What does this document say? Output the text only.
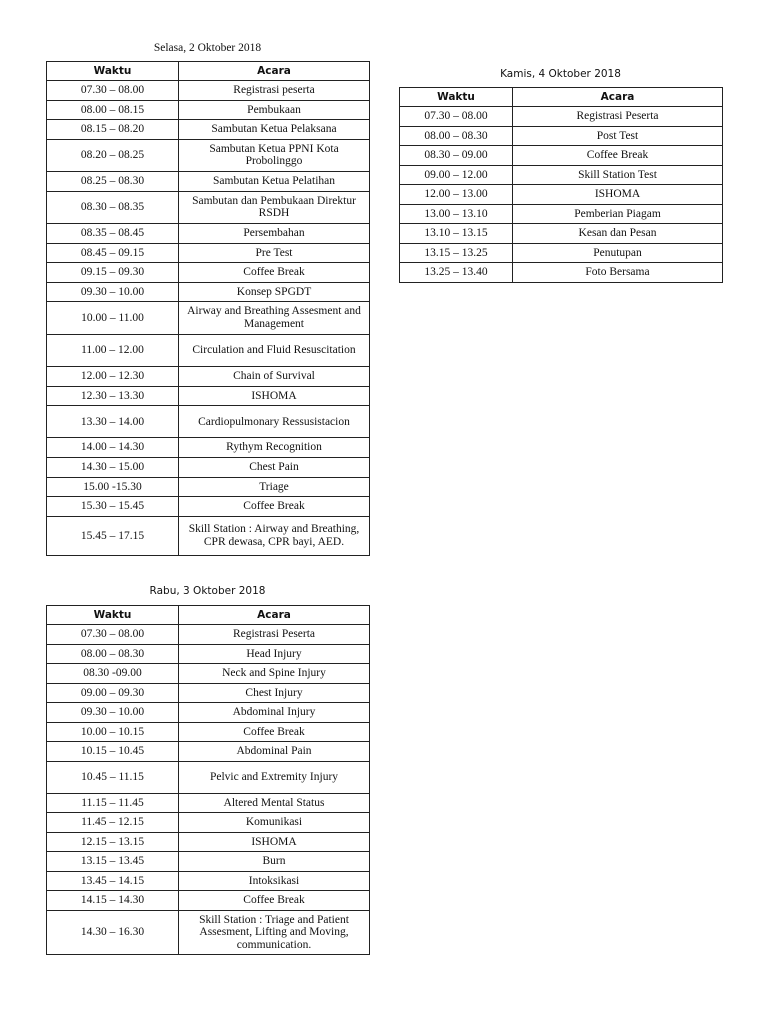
Selasa, 2 Oktober 2018
Waktu	Acara
07.30 – 08.00	Registrasi peserta
08.00 – 08.15	Pembukaan
08.15 – 08.20	Sambutan Ketua Pelaksana
08.20 – 08.25	Sambutan Ketua PPNI Kota Probolinggo
08.25 – 08.30	Sambutan Ketua Pelatihan
08.30 – 08.35	Sambutan dan Pembukaan Direktur RSDH
08.35 – 08.45	Persembahan
08.45 – 09.15	Pre Test
09.15 – 09.30	Coffee Break
09.30 – 10.00	Konsep SPGDT
10.00 – 11.00	Airway and Breathing Assesment and Management
11.00 – 12.00	Circulation and Fluid Resuscitation
12.00 – 12.30	Chain of Survival
12.30 – 13.30	ISHOMA
13.30 – 14.00	Cardiopulmonary Ressusistacion
14.00 – 14.30	Rythym Recognition
14.30 – 15.00	Chest Pain
15.00 -15.30	Triage
15.30 – 15.45	Coffee Break
15.45 – 17.15	Skill Station : Airway and Breathing, CPR dewasa, CPR bayi, AED.
Rabu, 3 Oktober 2018
Waktu	Acara
07.30 – 08.00	Registrasi Peserta
08.00 – 08.30	Head Injury
08.30 -09.00	Neck and Spine Injury
09.00 – 09.30	Chest Injury
09.30 – 10.00	Abdominal Injury
10.00 – 10.15	Coffee Break
10.15 – 10.45	Abdominal Pain
10.45 – 11.15	Pelvic and Extremity Injury
11.15 – 11.45	Altered Mental Status
11.45 – 12.15	Komunikasi
12.15 – 13.15	ISHOMA
13.15 – 13.45	Burn
13.45 – 14.15	Intoksikasi
14.15 – 14.30	Coffee Break
14.30 – 16.30	Skill Station : Triage and Patient Assesment, Lifting and Moving, communication.
Kamis, 4 Oktober 2018
Waktu	Acara
07.30 – 08.00	Registrasi Peserta
08.00 – 08.30	Post Test
08.30 – 09.00	Coffee Break
09.00 – 12.00	Skill Station Test
12.00 – 13.00	ISHOMA
13.00 – 13.10	Pemberian Piagam
13.10 – 13.15	Kesan dan Pesan
13.15 – 13.25	Penutupan
13.25 – 13.40	Foto Bersama
